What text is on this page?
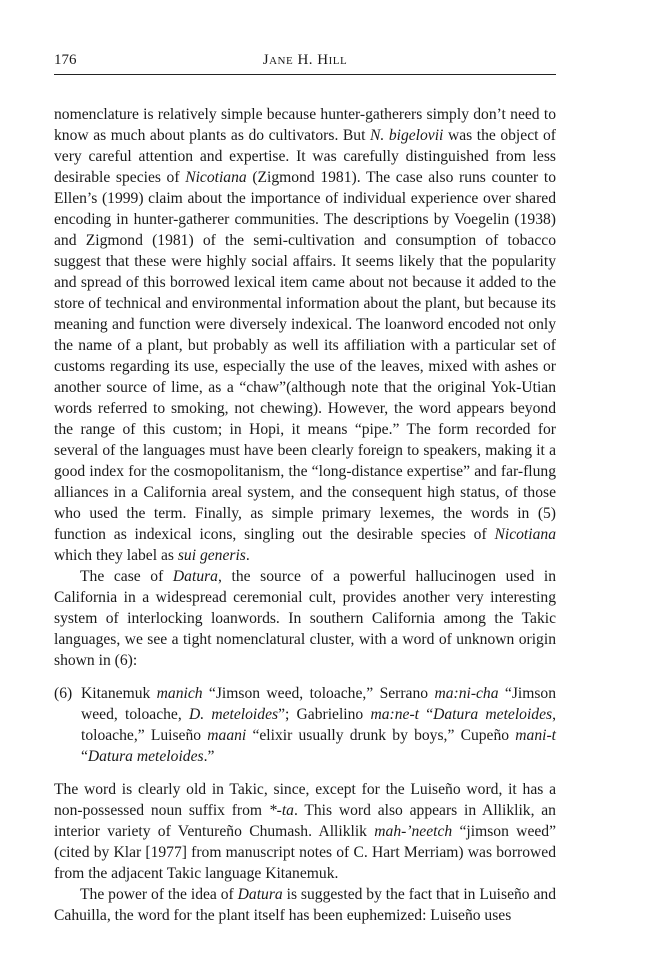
176	Jane H. Hill

nomenclature is relatively simple because hunter-gatherers simply don’t need to know as much about plants as do cultivators. But N. bigelovii was the object of very careful attention and expertise. It was carefully distinguished from less desirable species of Nicotiana (Zigmond 1981). The case also runs counter to Ellen’s (1999) claim about the importance of individual experience over shared encoding in hunter-gatherer communities. The descriptions by Voegelin (1938) and Zigmond (1981) of the semi-cultivation and consumption of tobacco suggest that these were highly social affairs. It seems likely that the popularity and spread of this borrowed lexical item came about not because it added to the store of technical and environmental information about the plant, but because its meaning and function were diversely indexical. The loanword encoded not only the name of a plant, but probably as well its affiliation with a particular set of customs regarding its use, especially the use of the leaves, mixed with ashes or another source of lime, as a “chaw”(although note that the original Yok-Utian words referred to smoking, not chewing). However, the word appears beyond the range of this custom; in Hopi, it means “pipe.” The form recorded for several of the languages must have been clearly foreign to speakers, making it a good index for the cosmopolitanism, the “long-distance expertise” and far-flung alliances in a California areal system, and the consequent high status, of those who used the term. Finally, as simple primary lexemes, the words in (5) function as indexical icons, singling out the desirable species of Nicotiana which they label as sui generis.

The case of Datura, the source of a powerful hallucinogen used in California in a widespread ceremonial cult, provides another very interesting system of interlocking loanwords. In southern California among the Takic languages, we see a tight nomenclatural cluster, with a word of unknown origin shown in (6):

(6) Kitanemuk manich “Jimson weed, toloache,” Serrano ma:ni-cha “Jimson weed, toloache, D. meteloides”; Gabrielino ma:ne-t “Datura meteloides, toloache,” Luiseño maani “elixir usually drunk by boys,” Cupeño mani-t “Datura meteloides.”

The word is clearly old in Takic, since, except for the Luiseño word, it has a non-possessed noun suffix from *-ta. This word also appears in Alliklik, an interior variety of Ventureño Chumash. Alliklik mah-’neetch “jimson weed” (cited by Klar [1977] from manuscript notes of C. Hart Merriam) was borrowed from the adjacent Takic language Kitanemuk.

The power of the idea of Datura is suggested by the fact that in Luiseño and Cahuilla, the word for the plant itself has been euphemized: Luiseño uses
